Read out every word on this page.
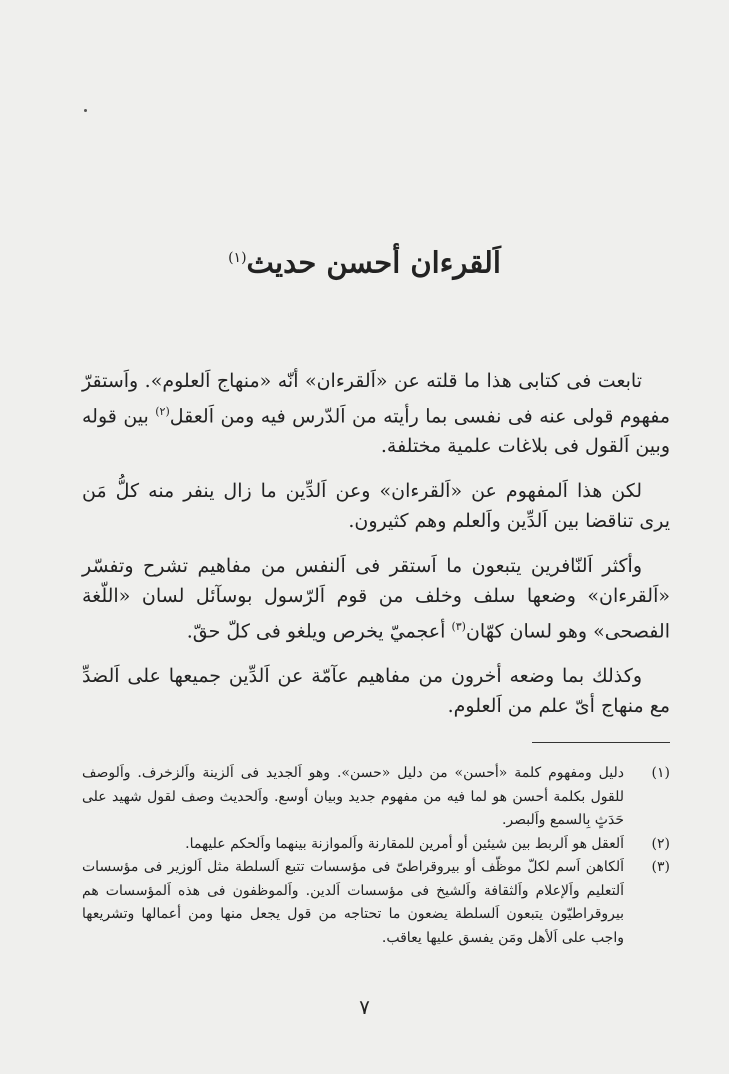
اَلقرءان أحسن حديث$^{(١)}$

تابعت فى كتابى هذا ما قلته عن «اَلقرءان» أنّه «منهاج اَلعلوم». واَستقرّ مفهوم قولى عنه فى نفسى بما رأيته من اَلدّرس فيه ومن اَلعقل$^{(٢)}$ بين قوله وبين اَلقول فى بلاغات علمية مختلفة.

لكن هذا اَلمفهوم عن «اَلقرءان» وعن اَلدِّين ما زال ينفر منه كلُّ مَن يرى تناقضا بين اَلدِّين واَلعلم وهم كثيرون.

وأكثر اَلنّافرين يتبعون ما اَستقر فى اَلنفس من مفاهيم تشرح وتفسّر «اَلقرءان» وضعها سلف وخلف من قوم اَلرّسول بوسآئل لسان «اللّغة الفصحى» وهو لسان كهّان$^{(٣)}$ أعجميّ يخرص ويلغو فى كلّ حقّ.

وكذلك بما وضعه أخرون من مفاهيم عآمّة عن اَلدِّين جميعها على اَلضدِّ مع منهاج أىّ علم من اَلعلوم.

(١)
دليل ومفهوم كلمة «أحسن» من دليل «حسن». وهو اَلجديد فى اَلزينة واَلزخرف. واَلوصف للقول بكلمة أحسن هو لما فيه من مفهوم جديد وبيان أوسع. واَلحديث وصف لقول شهيد على حَدَثٍ بِالسمع واَلبصر.
(٢)
اَلعقل هو اَلربط بين شيئين أو أمرين للمقارنة واَلموازنة بينهما واَلحكم عليهما.
(٣)
اَلكاهن اَسم لكلّ موظّف أو بيروقراطىّ فى مؤسسات تتبع اَلسلطة مثل اَلوزير فى مؤسسات اَلتعليم واَلإعلام واَلثقافة واَلشيخ فى مؤسسات اَلدين. واَلموظفون فى هذه اَلمؤسسات هم بيروقراطيّون يتبعون اَلسلطة يضعون ما تحتاجه من قول يجعل منها ومن أعمالها وتشريعها واجب على اَلأهل ومَن يفسق عليها يعاقب.
٧
